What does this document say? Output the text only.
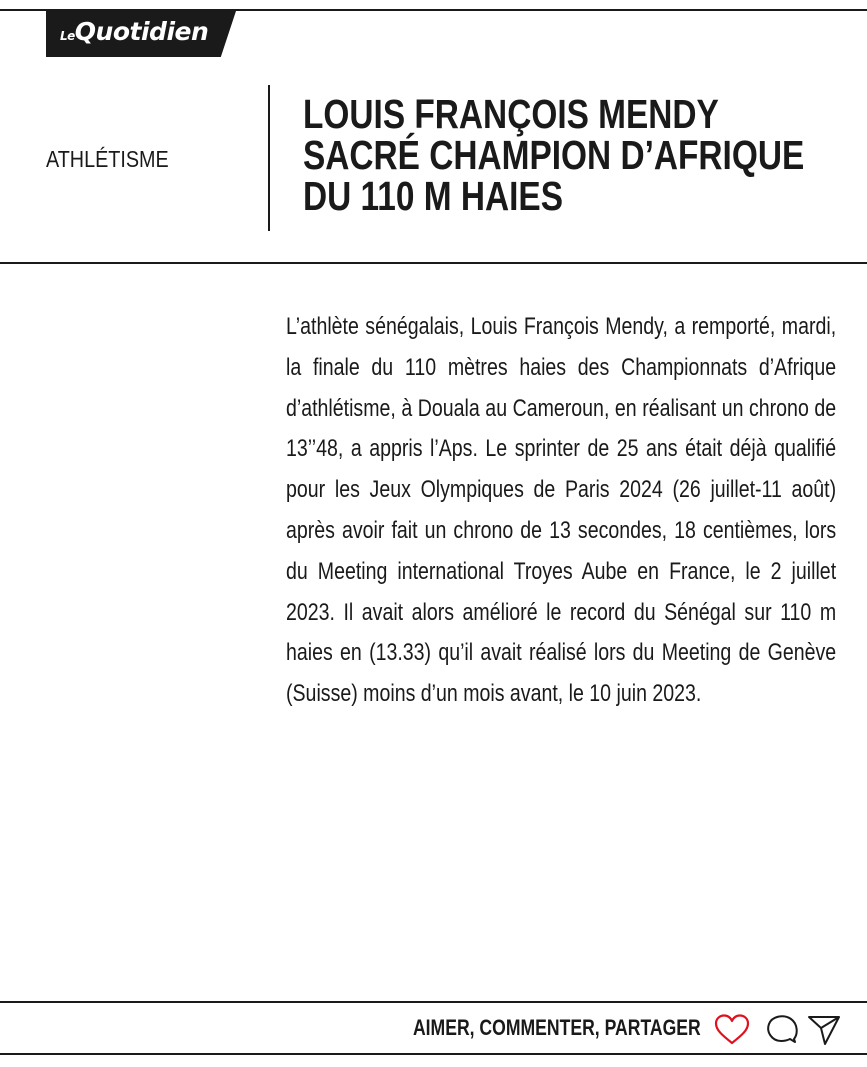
LeQuotidien
ATHLÉTISME
LOUIS FRANÇOIS MENDY SACRÉ CHAMPION D’AFRIQUE DU 110 M HAIES

L’athlète sénégalais, Louis François Mendy, a remporté, mardi, la finale du 110 mètres haies des Championnats d’Afrique d’athlétisme, à Douala au Cameroun, en réalisant un chrono de 13’’48, a appris l’Aps. Le sprinter de 25 ans était déjà qualifié pour les Jeux Olympiques de Paris 2024 (26 juillet-11 août) après avoir fait un chrono de 13 secondes, 18 centièmes, lors du Meeting international Troyes Aube en France, le 2 juillet 2023. Il avait alors amélioré le record du Sénégal sur 110 m haies en (13.33) qu’il avait réalisé lors du Meeting de Genève (Suisse) moins d’un mois avant, le 10 juin 2023.

AIMER, COMMENTER, PARTAGER
